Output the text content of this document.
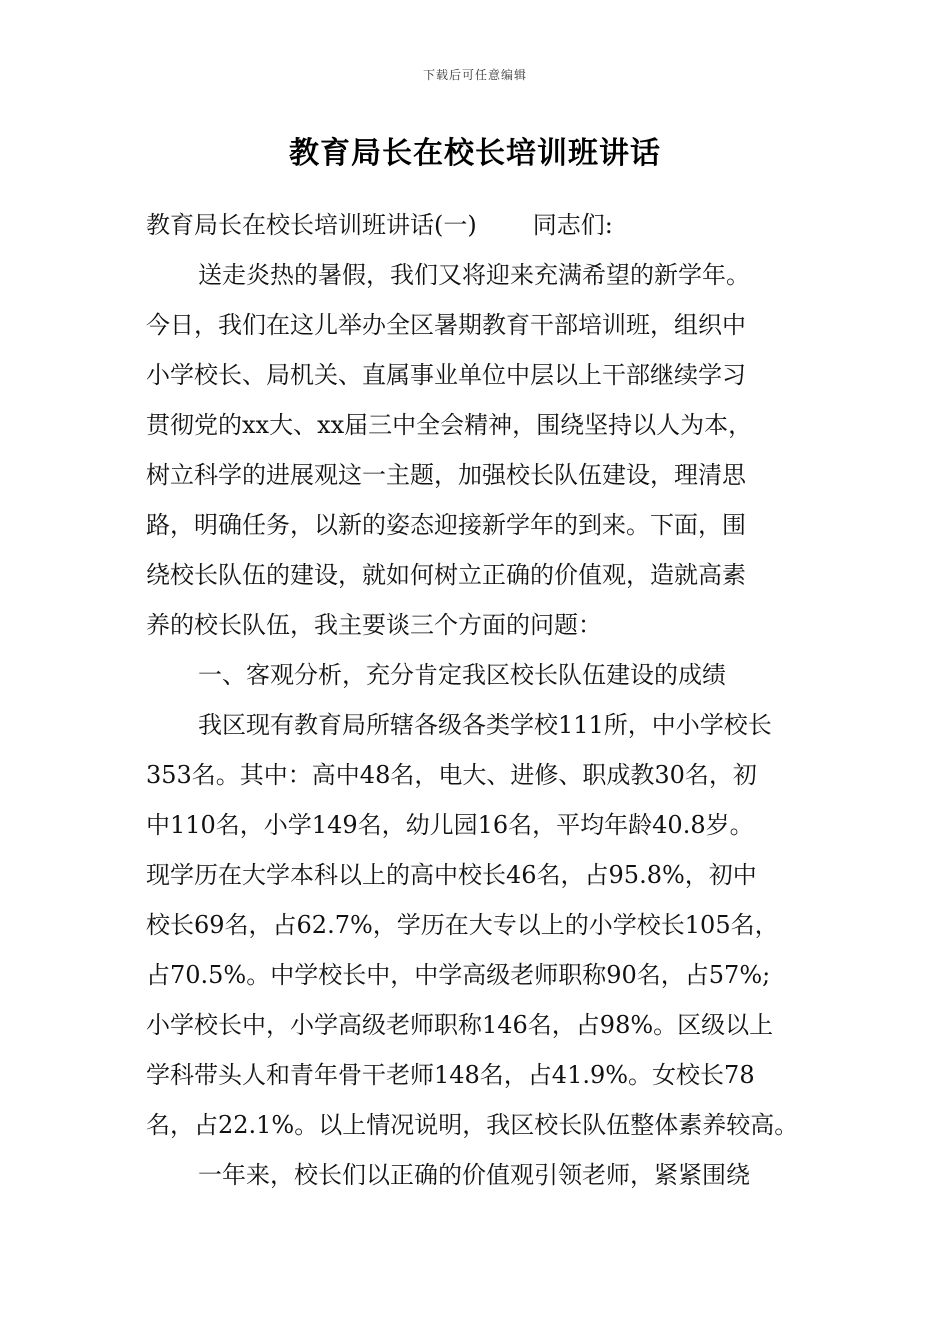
下载后可任意编辑
教育局长在校长培训班讲话
教育局长在校长培训班讲话(一) 同志们:
送走炎热的暑假，我们又将迎来充满希望的新学年。
今日，我们在这儿举办全区暑期教育干部培训班，组织中
小学校长、局机关、直属事业单位中层以上干部继续学习
贯彻党的xx大、xx届三中全会精神，围绕坚持以人为本，
树立科学的进展观这一主题，加强校长队伍建设，理清思
路，明确任务，以新的姿态迎接新学年的到来。下面，围
绕校长队伍的建设，就如何树立正确的价值观，造就高素
养的校长队伍，我主要谈三个方面的问题：
一、客观分析，充分肯定我区校长队伍建设的成绩
我区现有教育局所辖各级各类学校111所，中小学校长
353名。其中：高中48名，电大、进修、职成教30名，初
中110名，小学149名，幼儿园16名，平均年龄40.8岁。
现学历在大学本科以上的高中校长46名，占95.8%，初中
校长69名，占62.7%，学历在大专以上的小学校长105名，
占70.5%。中学校长中，中学高级老师职称90名，占57%;
小学校长中，小学高级老师职称146名，占98%。区级以上
学科带头人和青年骨干老师148名，占41.9%。女校长78
名，占22.1%。以上情况说明，我区校长队伍整体素养较高。
一年来，校长们以正确的价值观引领老师，紧紧围绕
